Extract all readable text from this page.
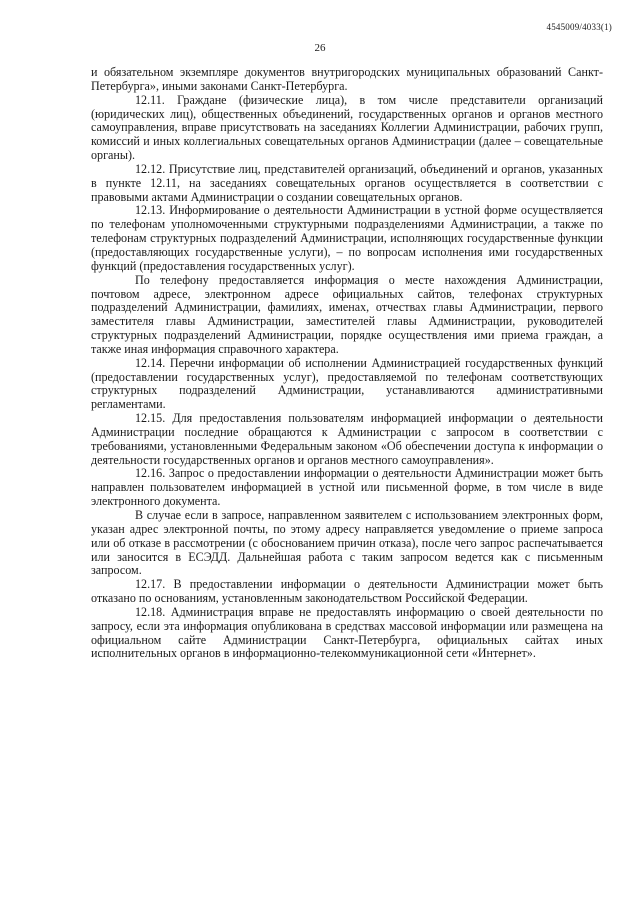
4545009/4033(1)
26

и обязательном экземпляре документов внутригородских муниципальных образований Санкт-Петербурга», иными законами Санкт-Петербурга.

12.11. Граждане (физические лица), в том числе представители организаций (юридических лиц), общественных объединений, государственных органов и органов местного самоуправления, вправе присутствовать на заседаниях Коллегии Администрации, рабочих групп, комиссий и иных коллегиальных совещательных органов Администрации (далее – совещательные органы).

12.12. Присутствие лиц, представителей организаций, объединений и органов, указанных в пункте 12.11, на заседаниях совещательных органов осуществляется в соответствии с правовыми актами Администрации о создании совещательных органов.

12.13. Информирование о деятельности Администрации в устной форме осуществляется по телефонам уполномоченными структурными подразделениями Администрации, а также по телефонам структурных подразделений Администрации, исполняющих государственные функции (предоставляющих государственные услуги), – по вопросам исполнения ими государственных функций (предоставления государственных услуг).

По телефону предоставляется информация о месте нахождения Администрации, почтовом адресе, электронном адресе официальных сайтов, телефонах структурных подразделений Администрации, фамилиях, именах, отчествах главы Администрации, первого заместителя главы Администрации, заместителей главы Администрации, руководителей структурных подразделений Администрации, порядке осуществления ими приема граждан, а также иная информация справочного характера.

12.14. Перечни информации об исполнении Администрацией государственных функций (предоставлении государственных услуг), предоставляемой по телефонам соответствующих структурных подразделений Администрации, устанавливаются административными регламентами.

12.15. Для предоставления пользователям информацией информации о деятельности Администрации последние обращаются к Администрации с запросом в соответствии с требованиями, установленными Федеральным законом «Об обеспечении доступа к информации о деятельности государственных органов и органов местного самоуправления».

12.16. Запрос о предоставлении информации о деятельности Администрации может быть направлен пользователем информацией в устной или письменной форме, в том числе в виде электронного документа.

В случае если в запросе, направленном заявителем с использованием электронных форм, указан адрес электронной почты, по этому адресу направляется уведомление о приеме запроса или об отказе в рассмотрении (с обоснованием причин отказа), после чего запрос распечатывается или заносится в ЕСЭДД. Дальнейшая работа с таким запросом ведется как с письменным запросом.

12.17. В предоставлении информации о деятельности Администрации может быть отказано по основаниям, установленным законодательством Российской Федерации.

12.18. Администрация вправе не предоставлять информацию о своей деятельности по запросу, если эта информация опубликована в средствах массовой информации или размещена на официальном сайте Администрации Санкт-Петербурга, официальных сайтах иных исполнительных органов в информационно-телекоммуникационной сети «Интернет».
